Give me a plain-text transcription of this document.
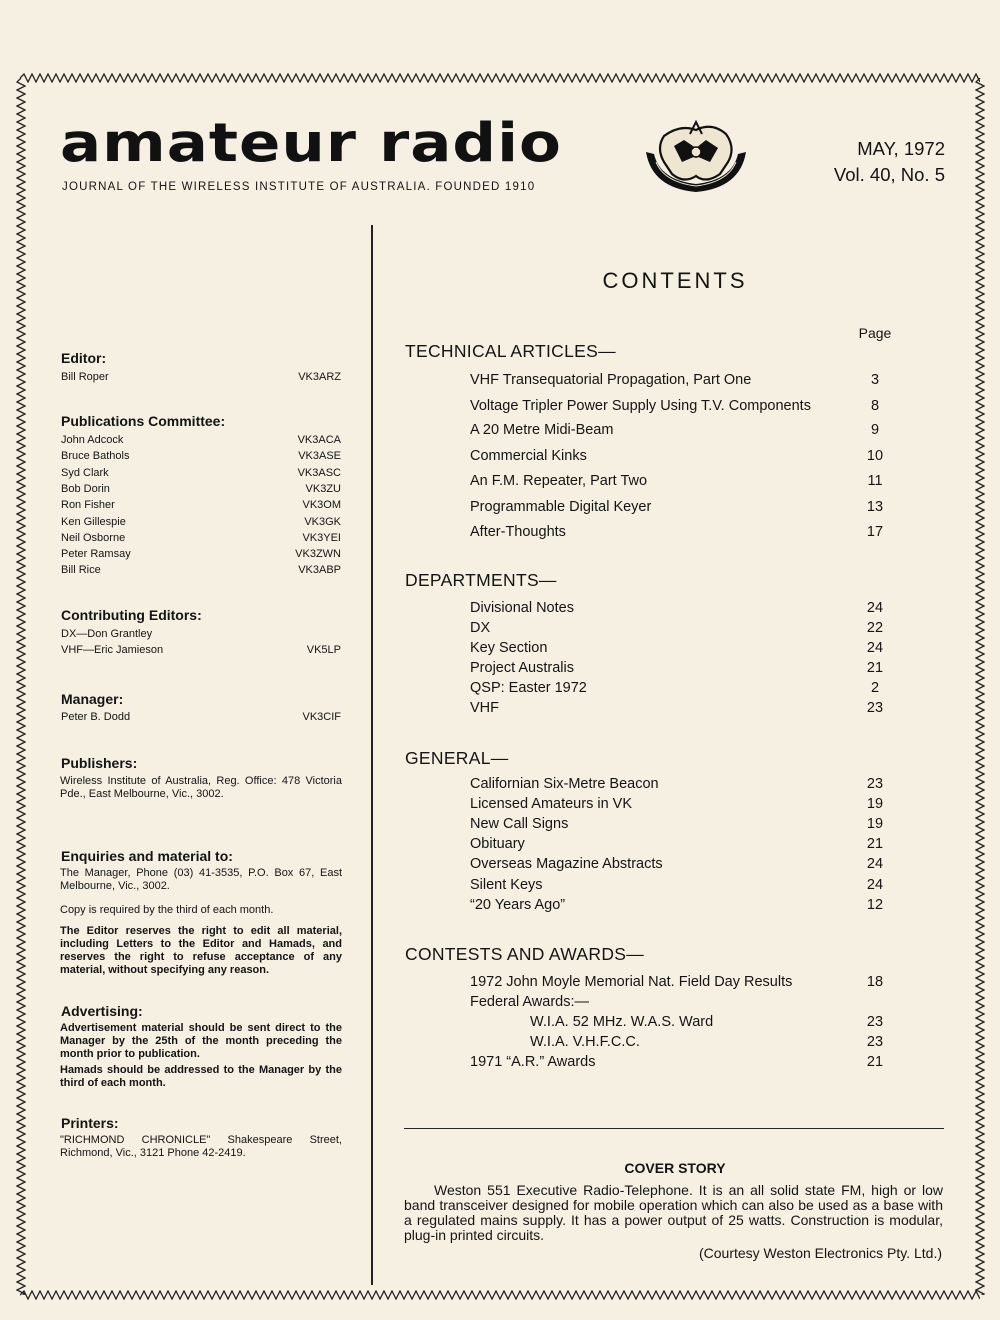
amateur radio
JOURNAL OF THE WIRELESS INSTITUTE OF AUSTRALIA. FOUNDED 1910
MAY, 1972
Vol. 40, No. 5
Editor:
Bill Roper	VK3ARZ
Publications Committee:
John Adcock	VK3ACA
Bruce Bathols	VK3ASE
Syd Clark	VK3ASC
Bob Dorin	VK3ZU
Ron Fisher	VK3OM
Ken Gillespie	VK3GK
Neil Osborne	VK3YEI
Peter Ramsay	VK3ZWN
Bill Rice	VK3ABP
Contributing Editors:
DX—Don Grantley
VHF—Eric Jamieson	VK5LP
Manager:
Peter B. Dodd	VK3CIF
Publishers:
Wireless Institute of Australia, Reg. Office: 478 Victoria Pde., East Melbourne, Vic., 3002.
Enquiries and material to:
The Manager, Phone (03) 41-3535, P.O. Box 67, East Melbourne, Vic., 3002.
Copy is required by the third of each month.
The Editor reserves the right to edit all material, including Letters to the Editor and Hamads, and reserves the right to refuse acceptance of any material, without specifying any reason.
Advertising:
Advertisement material should be sent direct to the Manager by the 25th of the month preceding the month prior to publication.
Hamads should be addressed to the Manager by the third of each month.
Printers:
"RICHMOND CHRONICLE" Shakespeare Street, Richmond, Vic., 3121 Phone 42-2419.
CONTENTS
Page
TECHNICAL ARTICLES—
VHF Transequatorial Propagation, Part One	3
Voltage Tripler Power Supply Using T.V. Components	8
A 20 Metre Midi-Beam	9
Commercial Kinks	10
An F.M. Repeater, Part Two	11
Programmable Digital Keyer	13
After-Thoughts	17
DEPARTMENTS—
Divisional Notes	24
DX	22
Key Section	24
Project Australis	21
QSP: Easter 1972	2
VHF	23
GENERAL—
Californian Six-Metre Beacon	23
Licensed Amateurs in VK	19
New Call Signs	19
Obituary	21
Overseas Magazine Abstracts	24
Silent Keys	24
“20 Years Ago”	12
CONTESTS AND AWARDS—
1972 John Moyle Memorial Nat. Field Day Results	18
Federal Awards:—
W.I.A. 52 MHz. W.A.S. Ward	23
W.I.A. V.H.F.C.C.	23
1971 “A.R.” Awards	21
COVER STORY
Weston 551 Executive Radio-Telephone. It is an all solid state FM, high or low band transceiver designed for mobile operation which can also be used as a base with a regulated mains supply. It has a power output of 25 watts. Construction is modular, plug-in printed circuits.
(Courtesy Weston Electronics Pty. Ltd.)
